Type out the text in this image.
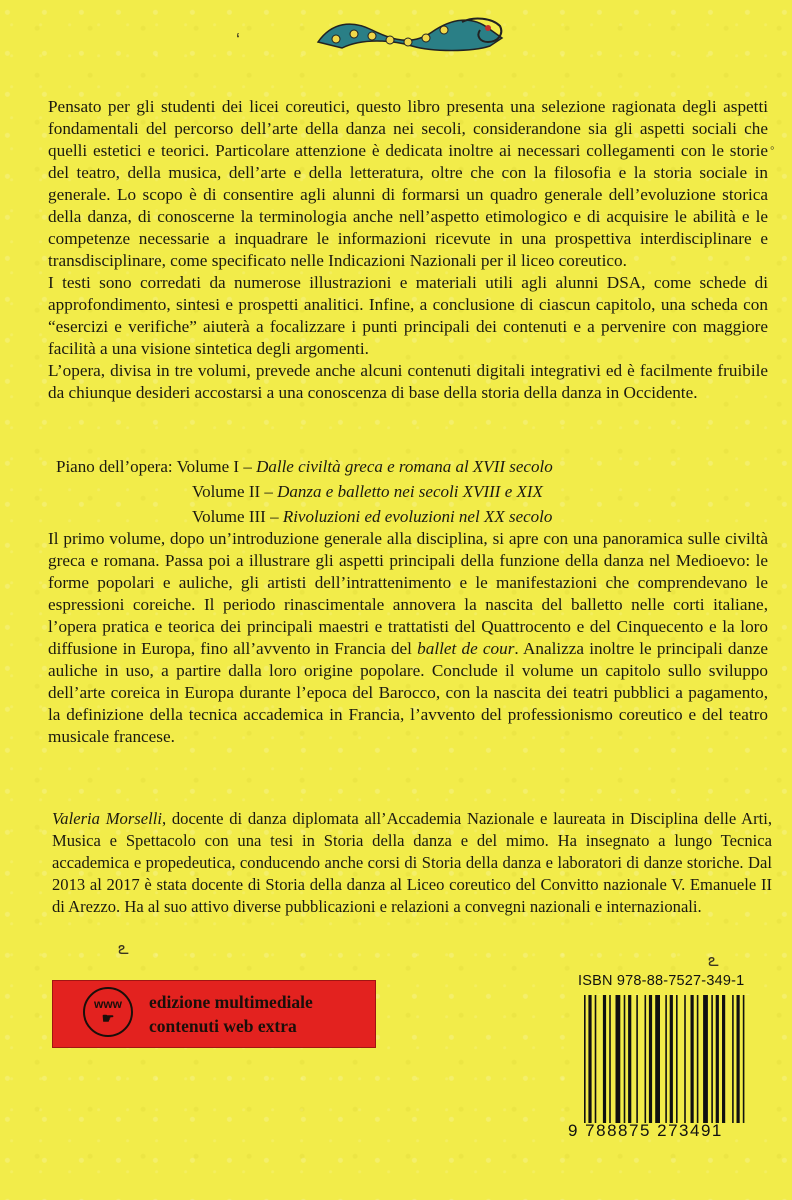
‘
◦

Pensato per gli studenti dei licei coreutici, questo libro presenta una selezione ragionata degli aspetti fondamentali del percorso dell’arte della danza nei secoli, considerandone sia gli aspetti sociali che quelli estetici e teorici. Particolare attenzione è dedicata inoltre ai necessari collegamenti con le storie del teatro, della musica, dell’arte e della letteratura, oltre che con la filosofia e la storia sociale in generale. Lo scopo è di consentire agli alunni di formarsi un quadro generale dell’evoluzione storica della danza, di conoscerne la terminologia anche nell’aspetto etimologico e di acquisire le abilità e le competenze necessarie a inquadrare le informazioni ricevute in una prospettiva interdisciplinare e transdisciplinare, come specificato nelle Indicazioni Nazionali per il liceo coreutico.

I testi sono corredati da numerose illustrazioni e materiali utili agli alunni DSA, come schede di approfondimento, sintesi e prospetti analitici. Infine, a conclusione di ciascun capitolo, una scheda con “esercizi e verifiche” aiuterà a focalizzare i punti principali dei contenuti e a pervenire con maggiore facilità a una visione sintetica degli argomenti.

L’opera, divisa in tre volumi, prevede anche alcuni contenuti digitali integrativi ed è facilmente fruibile da chiunque desideri accostarsi a una conoscenza di base della storia della danza in Occidente.

Piano dell’opera: Volume I – Dalle civiltà greca e romana al XVII secolo
Volume II – Danza e balletto nei secoli XVIII e XIX
Volume III – Rivoluzioni ed evoluzioni nel XX secolo

Il primo volume, dopo un’introduzione generale alla disciplina, si apre con una panoramica sulle civiltà greca e romana. Passa poi a illustrare gli aspetti principali della funzione della danza nel Medioevo: le forme popolari e auliche, gli artisti dell’intrattenimento e le manifestazioni che comprendevano le espressioni coreiche. Il periodo rinascimentale annovera la nascita del balletto nelle corti italiane, l’opera pratica e teorica dei principali maestri e trattatisti del Quattrocento e del Cinquecento e la loro diffusione in Europa, fino all’avvento in Francia del ballet de cour. Analizza inoltre le principali danze auliche in uso, a partire dalla loro origine popolare. Conclude il volume un capitolo sullo sviluppo dell’arte coreica in Europa durante l’epoca del Barocco, con la nascita dei teatri pubblici a pagamento, la definizione della tecnica accademica in Francia, l’avvento del professionismo coreutico e del teatro musicale francese.

Valeria Morselli, docente di danza diplomata all’Accademia Nazionale e laureata in Disciplina delle Arti, Musica e Spettacolo con una tesi in Storia della danza e del mimo. Ha insegnato a lungo Tecnica accademica e propedeutica, conducendo anche corsi di Storia della danza e laboratori di danze storiche. Dal 2013 al 2017 è stata docente di Storia della danza al Liceo coreutico del Convitto nazionale V. Emanuele II di Arezzo. Ha al suo attivo diverse pubblicazioni e relazioni a convegni nazionali e internazionali.

www
☛
edizione multimediale
contenuti web extra
ISBN 978-88-7527-349-1
9 788875 273491
ఽ
ఽ
